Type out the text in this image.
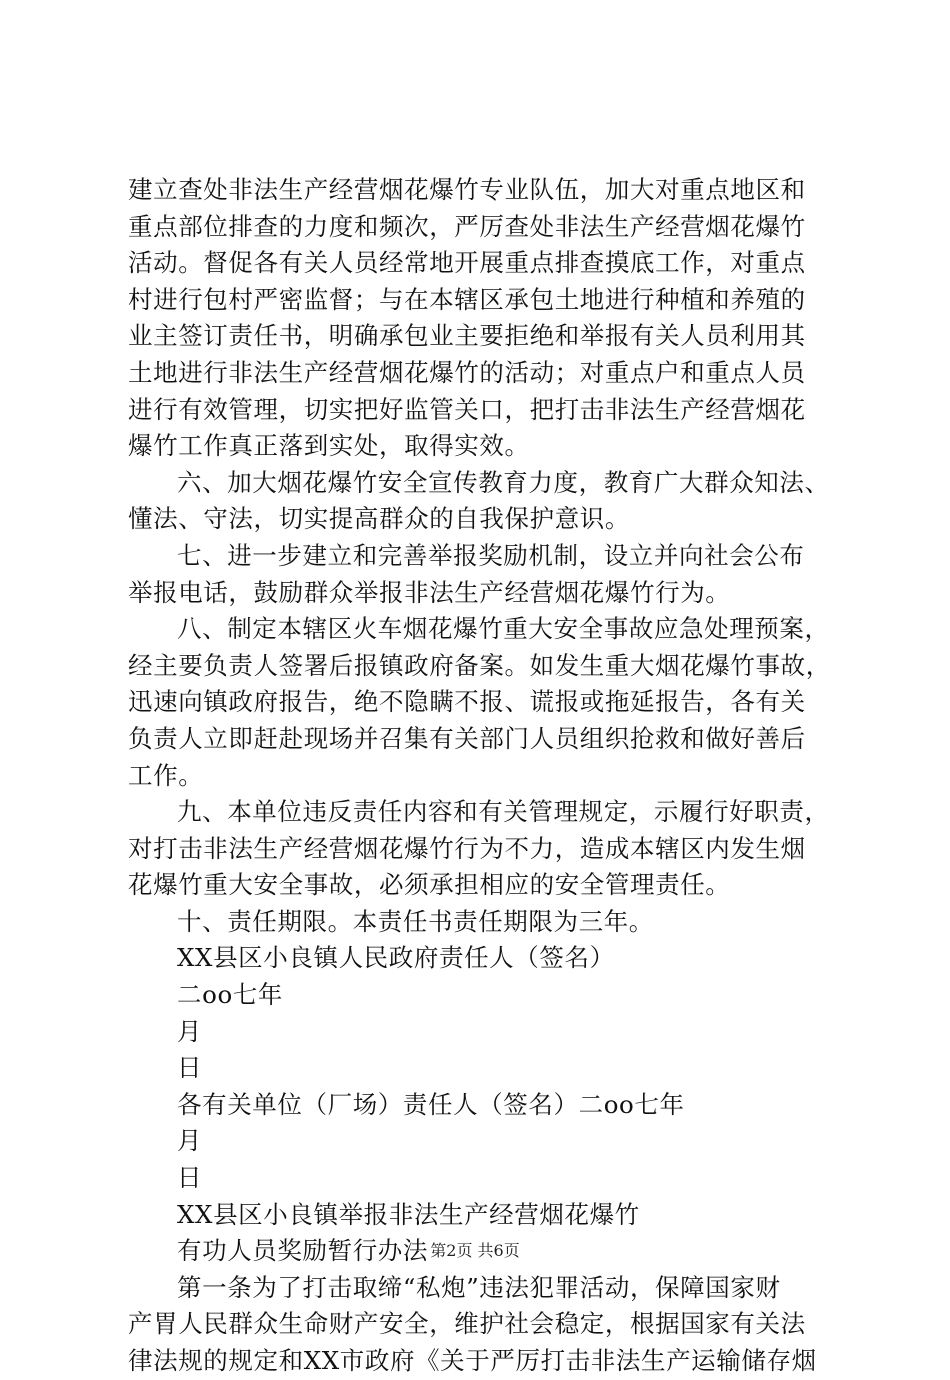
建立查处非法生产经营烟花爆竹专业队伍，加大对重点地区和
重点部位排查的力度和频次，严厉查处非法生产经营烟花爆竹
活动。督促各有关人员经常地开展重点排查摸底工作，对重点
村进行包村严密监督；与在本辖区承包土地进行种植和养殖的
业主签订责任书，明确承包业主要拒绝和举报有关人员利用其
土地进行非法生产经营烟花爆竹的活动；对重点户和重点人员
进行有效管理，切实把好监管关口，把打击非法生产经营烟花
爆竹工作真正落到实处，取得实效。
六、加大烟花爆竹安全宣传教育力度，教育广大群众知法、
懂法、守法，切实提高群众的自我保护意识。
七、进一步建立和完善举报奖励机制，设立并向社会公布
举报电话，鼓励群众举报非法生产经营烟花爆竹行为。
八、制定本辖区火车烟花爆竹重大安全事故应急处理预案，
经主要负责人签署后报镇政府备案。如发生重大烟花爆竹事故，
迅速向镇政府报告，绝不隐瞒不报、谎报或拖延报告，各有关
负责人立即赶赴现场并召集有关部门人员组织抢救和做好善后
工作。
九、本单位违反责任内容和有关管理规定，示履行好职责，
对打击非法生产经营烟花爆竹行为不力，造成本辖区内发生烟
花爆竹重大安全事故，必须承担相应的安全管理责任。
十、责任期限。本责任书责任期限为三年。
XX县区小良镇人民政府责任人（签名）
二oo七年
月
日
各有关单位（厂场）责任人（签名）二oo七年
月
日
XX县区小良镇举报非法生产经营烟花爆竹
有功人员奖励暂行办法
第一条为了打击取缔“私炮”违法犯罪活动，保障国家财
产胃人民群众生命财产安全，维护社会稳定，根据国家有关法
律法规的规定和XX市政府《关于严厉打击非法生产运输储存烟
第2页 共6页
